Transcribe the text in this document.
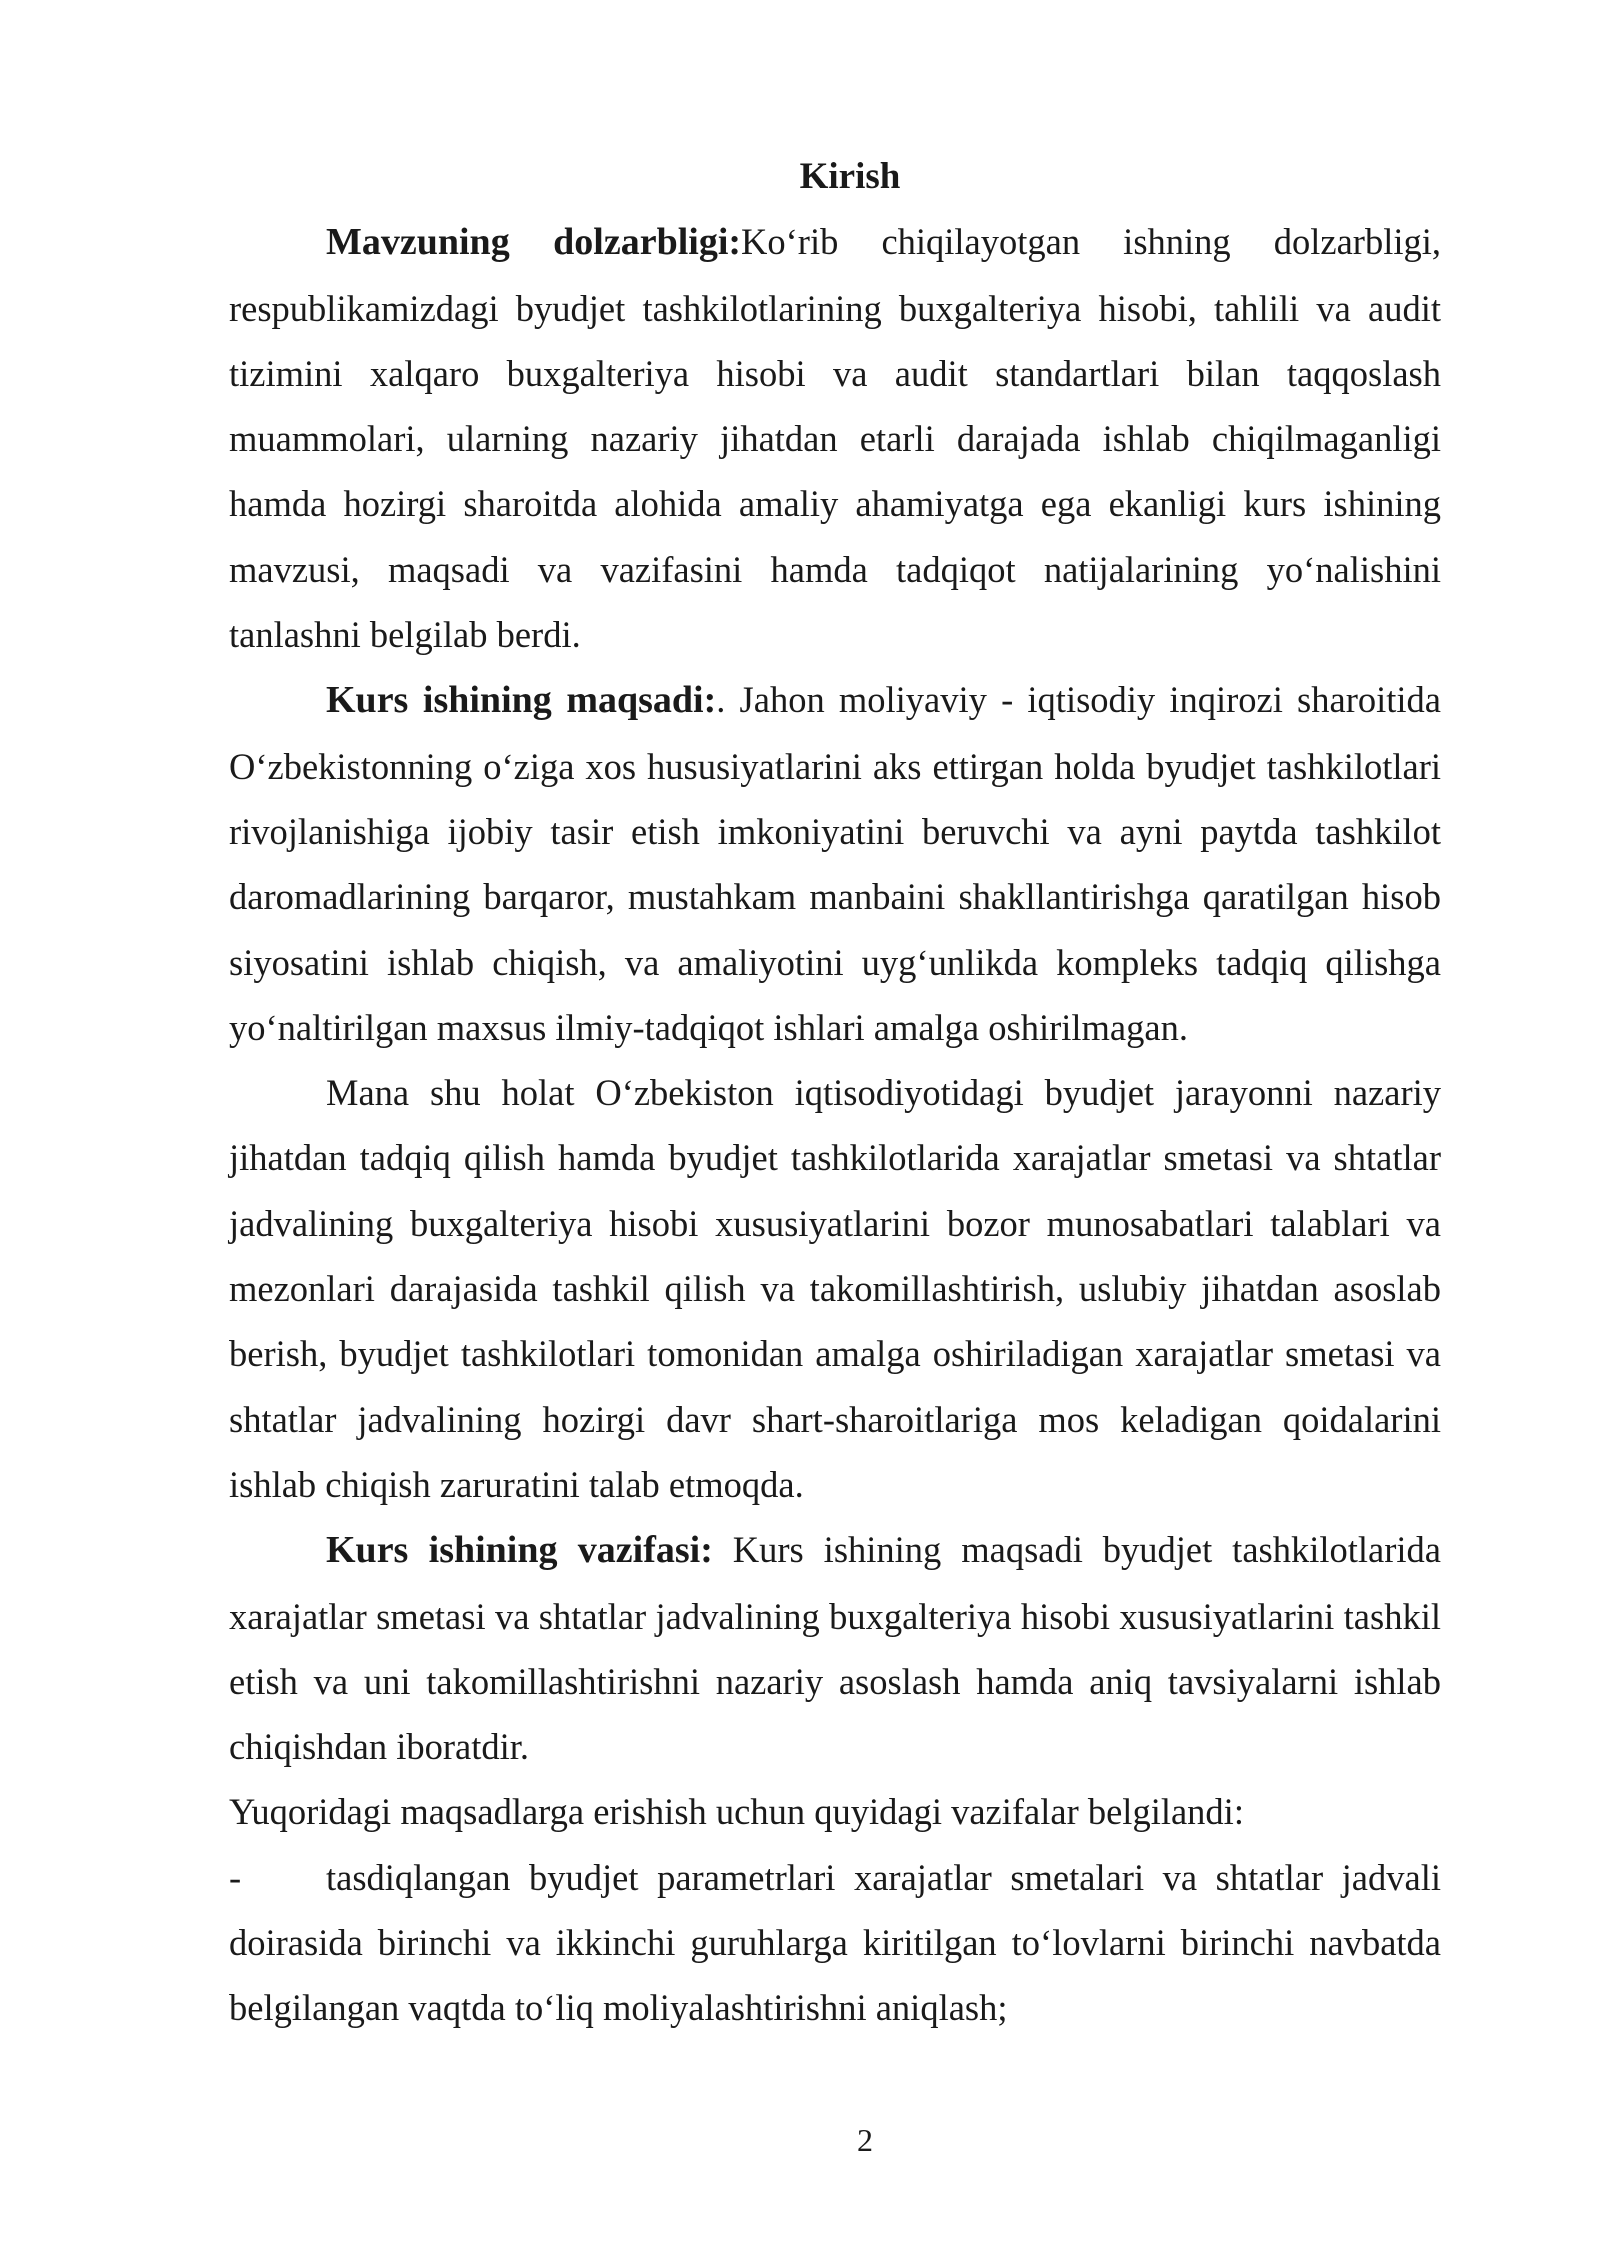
Kirish

Mavzuning dolzarbligi:Ko‘rib chiqilayotgan ishning dolzarbligi, respublikamizdagi byudjet tashkilotlarining buxgalteriya hisobi, tahlili va audit tizimini xalqaro buxgalteriya hisobi va audit standartlari bilan taqqoslash muammolari, ularning nazariy jihatdan etarli darajada ishlab chiqilmaganligi hamda hozirgi sharoitda alohida amaliy ahamiyatga ega ekanligi kurs ishining mavzusi, maqsadi va vazifasini hamda tadqiqot natijalarining yo‘nalishini tanlashni belgilab berdi.

Kurs ishining maqsadi:. Jahon moliyaviy - iqtisodiy inqirozi sharoitida O‘zbekistonning o‘ziga xos hususiyatlarini aks ettirgan holda byudjet tashkilotlari rivojlanishiga ijobiy tasir etish imkoniyatini beruvchi va ayni paytda tashkilot daromadlarining barqaror, mustahkam manbaini shakllantirishga qaratilgan hisob siyosatini ishlab chiqish, va amaliyotini uyg‘unlikda kompleks tadqiq qilishga yo‘naltirilgan maxsus ilmiy-tadqiqot ishlari amalga oshirilmagan.

Mana shu holat O‘zbekiston iqtisodiyotidagi byudjet jarayonni nazariy jihatdan tadqiq qilish hamda byudjet tashkilotlarida xarajatlar smetasi va shtatlar jadvalining buxgalteriya hisobi xususiyatlarini bozor munosabatlari talablari va mezonlari darajasida tashkil qilish va takomillashtirish, uslubiy jihatdan asoslab berish, byudjet tashkilotlari tomonidan amalga oshiriladigan xarajatlar smetasi va shtatlar jadvalining hozirgi davr shart-sharoitlariga mos keladigan qoidalarini ishlab chiqish zaruratini talab etmoqda.

Kurs ishining vazifasi: Kurs ishining maqsadi byudjet tashkilotlarida xarajatlar smetasi va shtatlar jadvalining buxgalteriya hisobi xususiyatlarini tashkil etish va uni takomillashtirishni nazariy asoslash hamda aniq tavsiyalarni ishlab chiqishdan iboratdir.

Yuqoridagi maqsadlarga erishish uchun quyidagi vazifalar belgilandi:

- tasdiqlangan byudjet parametrlari xarajatlar smetalari va shtatlar jadvali doirasida birinchi va ikkinchi guruhlarga kiritilgan to‘lovlarni birinchi navbatda belgilangan vaqtda to‘liq moliyalashtirishni aniqlash;

2
